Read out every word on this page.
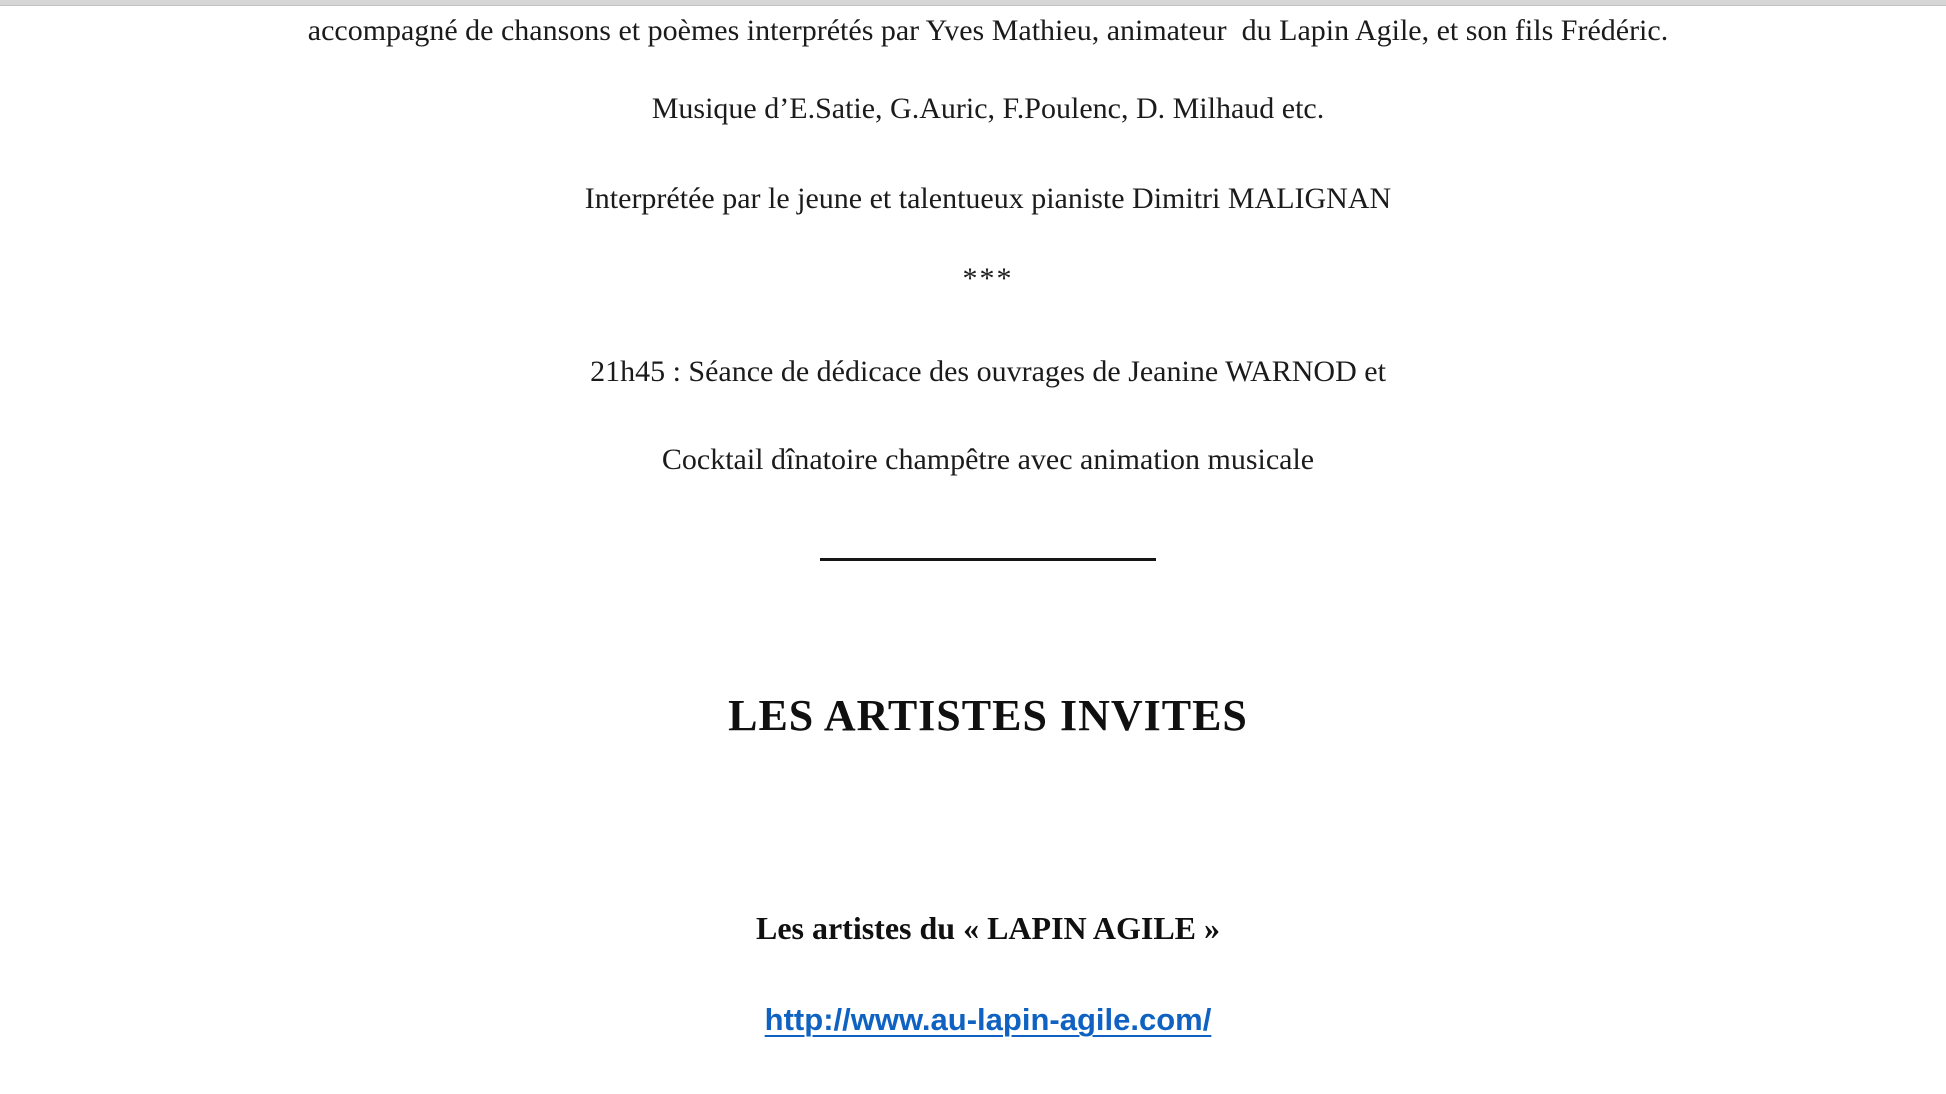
accompagné de chansons et poèmes interprétés par Yves Mathieu, animateur  du Lapin Agile, et son fils Frédéric.

Musique d’E.Satie, G.Auric, F.Poulenc, D. Milhaud etc.

Interprétée par le jeune et talentueux pianiste Dimitri MALIGNAN

***

21h45 : Séance de dédicace des ouvrages de Jeanine WARNOD et

Cocktail dînatoire champêtre avec animation musicale

LES ARTISTES INVITES

Les artistes du « LAPIN AGILE »

http://www.au-lapin-agile.com/
